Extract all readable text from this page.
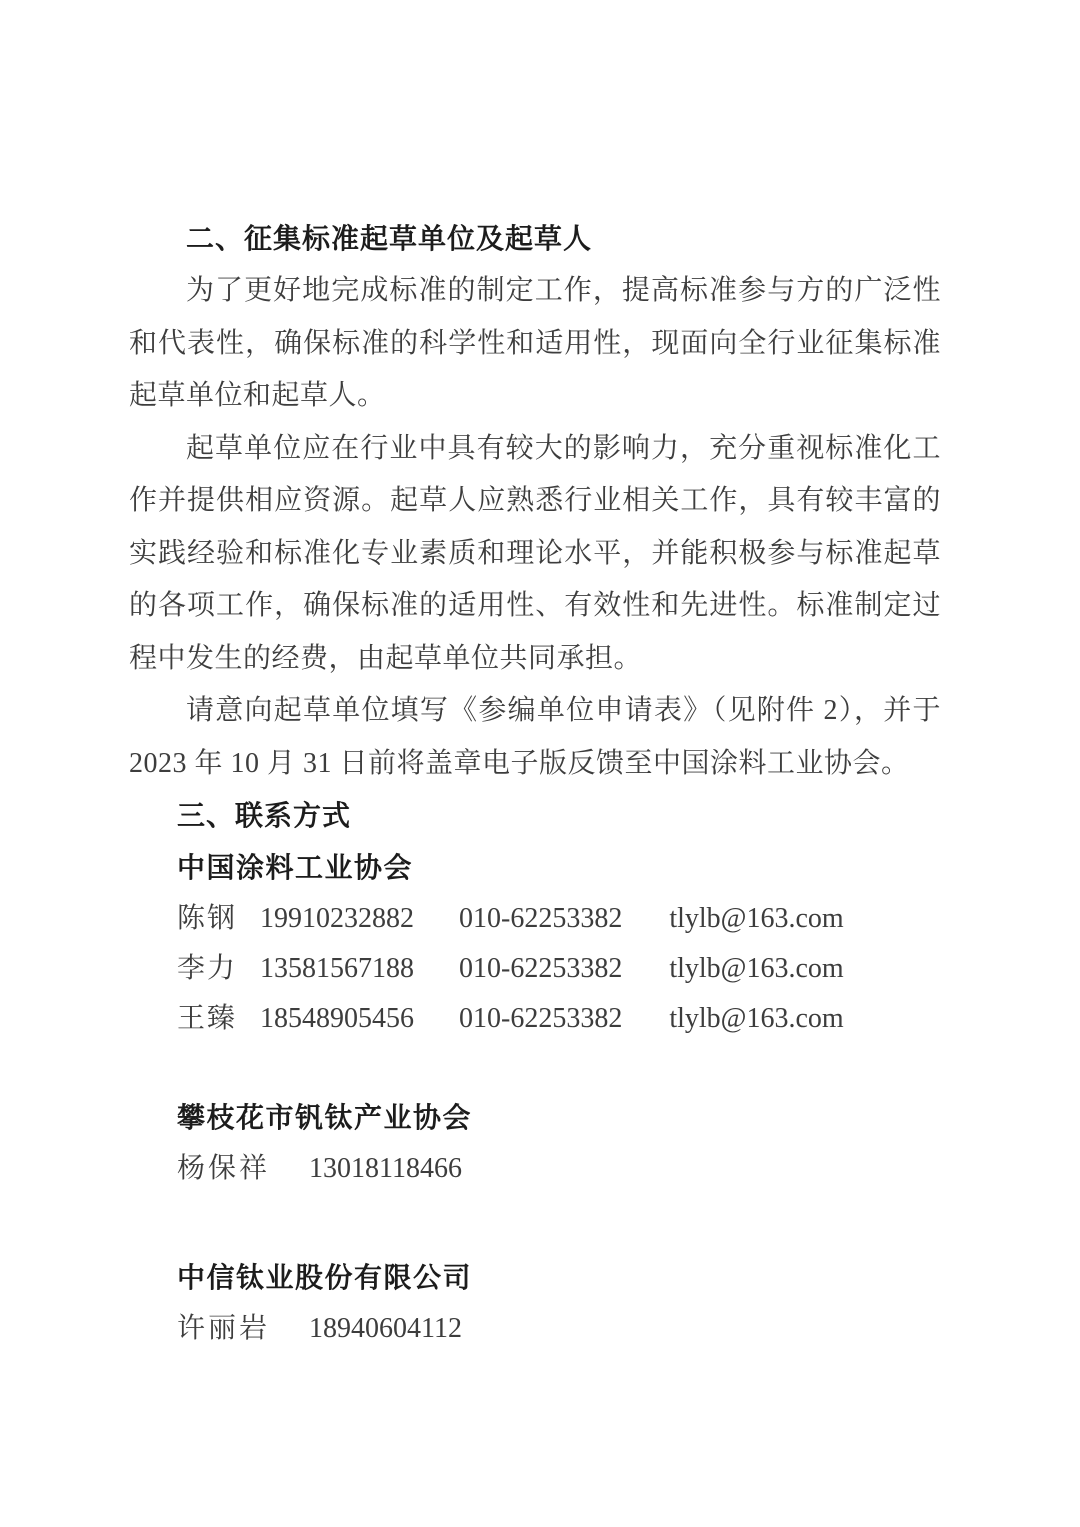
二、征集标准起草单位及起草人

为了更好地完成标准的制定工作，提高标准参与方的广泛性和代表性，确保标准的科学性和适用性，现面向全行业征集标准起草单位和起草人。

起草单位应在行业中具有较大的影响力，充分重视标准化工作并提供相应资源。起草人应熟悉行业相关工作，具有较丰富的实践经验和标准化专业素质和理论水平，并能积极参与标准起草的各项工作，确保标准的适用性、有效性和先进性。标准制定过程中发生的经费，由起草单位共同承担。

请意向起草单位填写《参编单位申请表》（见附件 2），并于 2023 年 10 月 31 日前将盖章电子版反馈至中国涂料工业协会。

三、联系方式
中国涂料工业协会
陈钢 19910232882 010-62253382 tlylb@163.com
李力 13581567188 010-62253382 tlylb@163.com
王臻 18548905456 010-62253382 tlylb@163.com
攀枝花市钒钛产业协会
杨保祥 13018118466
中信钛业股份有限公司
许丽岩 18940604112
